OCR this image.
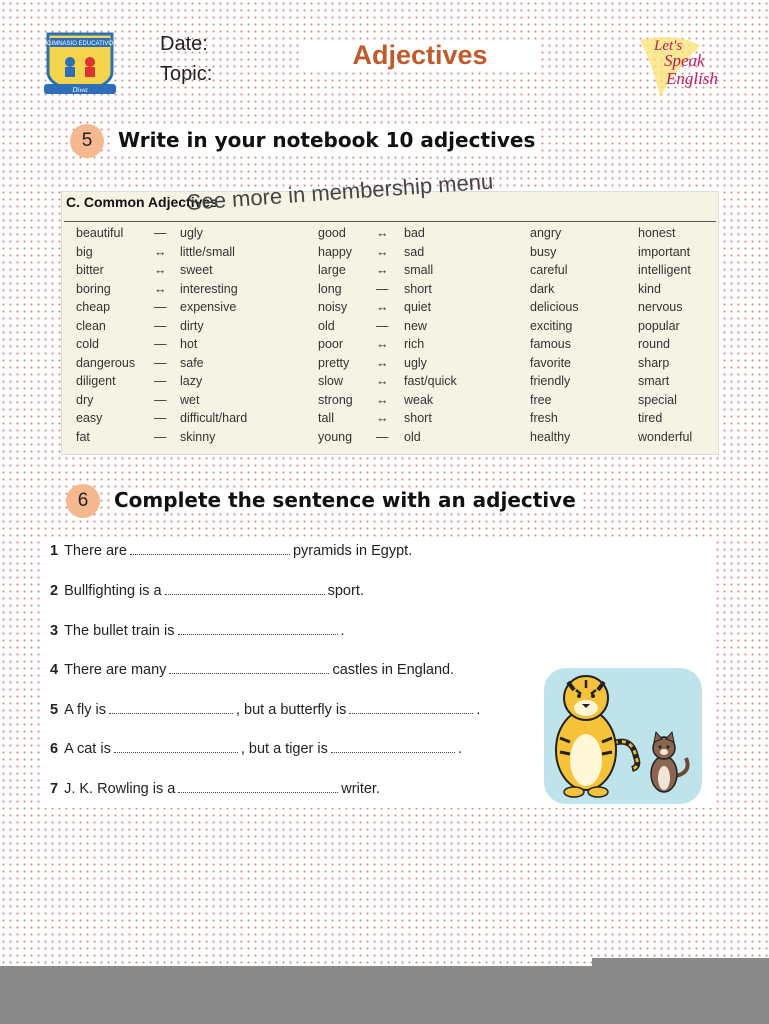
GIMNASIO EDUCATIVO
Diwa
Date:
Topic:
Adjectives	Let's
Speak
English
5	Write in your notebook 10 adjectives
C. Common Adjectives
See more in membership menu
beautiful — ugly	good ↔ bad	angry	honest
big	↔ little/small	happy ↔ sad	busy	important
bitter	↔ sweet	large ↔ small	careful	intelligent
boring	↔ interesting	long	— short	dark	kind
cheap	— expensive	noisy ↔ quiet	delicious	nervous
clean	— dirty	old	— new	exciting	popular
cold	— hot	poor	↔ rich	famous	round
dangerous — safe	pretty ↔ ugly	favorite	sharp
diligent	— lazy	slow	↔ fast/quick	friendly	smart
dry	— wet	strong ↔ weak	free	special
easy	— difficult/hard	tall	↔ short	fresh	tired
fat	— skinny	young — old	healthy	wonderful
6	Complete the sentence with an adjective
1 There are	pyramids in Egypt.
2 Bullfighting is a	sport.
3 The bullet train is	.
4 There are many	castles in England.
5 A fly is	, but a butterfly is	.
6 A cat is	, but a tiger is	.
7 J. K. Rowling is a	writer.
